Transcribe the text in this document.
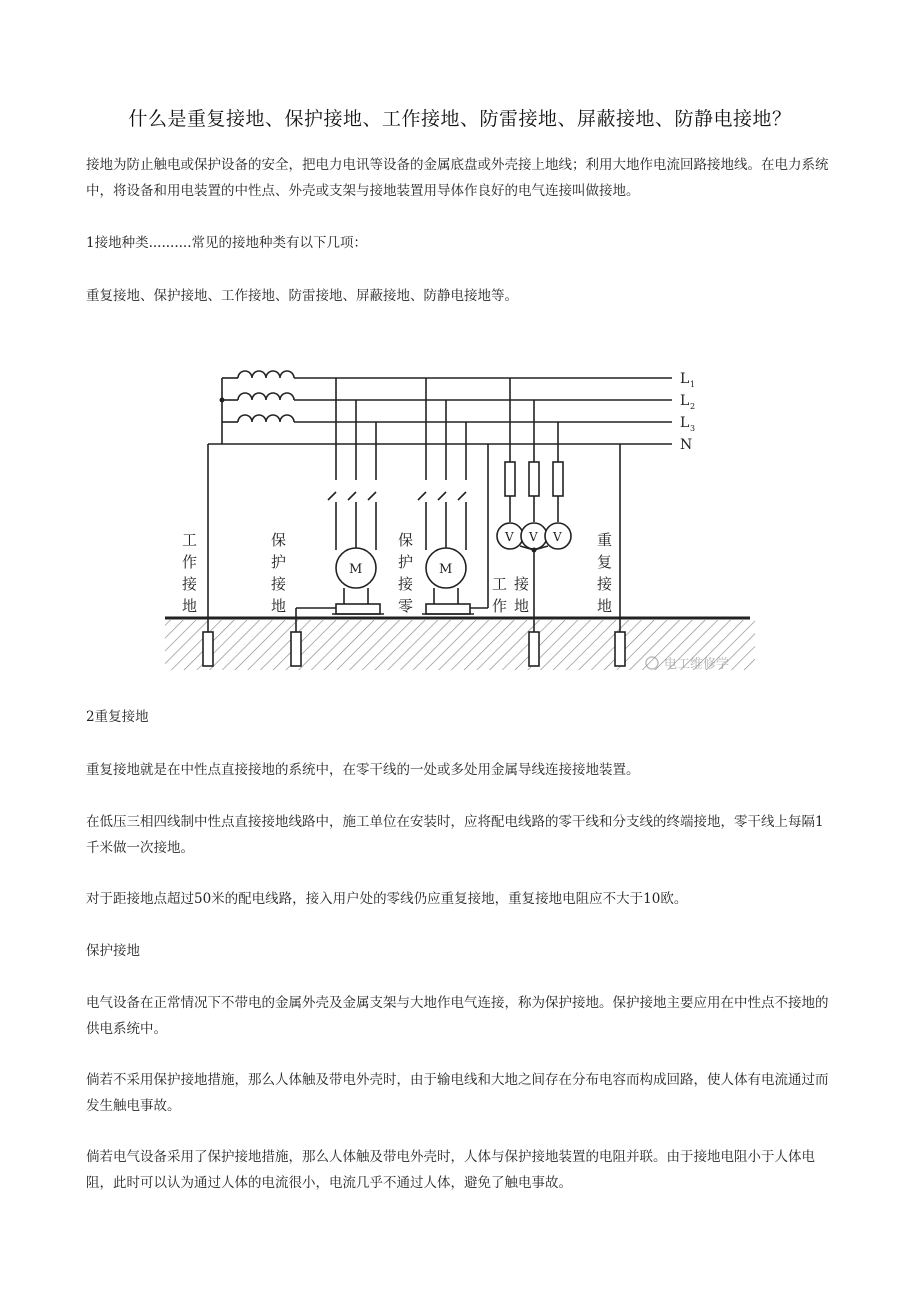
什么是重复接地、保护接地、工作接地、防雷接地、屏蔽接地、防静电接地？
接地为防止触电或保护设备的安全，把电力电讯等设备的金属底盘或外壳接上地线；利用大地作电流回路接地线。在电力系统中，将设备和用电装置的中性点、外壳或支架与接地装置用导体作良好的电气连接叫做接地。
1接地种类..........常见的接地种类有以下几项：
重复接地、保护接地、工作接地、防雷接地、屏蔽接地、防静电接地等。
L 1
L 2
L 3
N
M	M
V V V
工
作
接
地
保
护
接
地
保
护
接
零
工
作
接
地
重
复
接
地
电工维修学
2重复接地
重复接地就是在中性点直接接地的系统中，在零干线的一处或多处用金属导线连接接地装置。
在低压三相四线制中性点直接接地线路中，施工单位在安装时，应将配电线路的零干线和分支线的终端接地，零干线上每隔1千米做一次接地。
对于距接地点超过50米的配电线路，接入用户处的零线仍应重复接地，重复接地电阻应不大于10欧。
保护接地
电气设备在正常情况下不带电的金属外壳及金属支架与大地作电气连接，称为保护接地。保护接地主要应用在中性点不接地的供电系统中。
倘若不采用保护接地措施，那么人体触及带电外壳时，由于输电线和大地之间存在分布电容而构成回路，使人体有电流通过而发生触电事故。
倘若电气设备采用了保护接地措施，那么人体触及带电外壳时，人体与保护接地装置的电阻并联。由于接地电阻小于人体电阻，此时可以认为通过人体的电流很小，电流几乎不通过人体，避免了触电事故。
